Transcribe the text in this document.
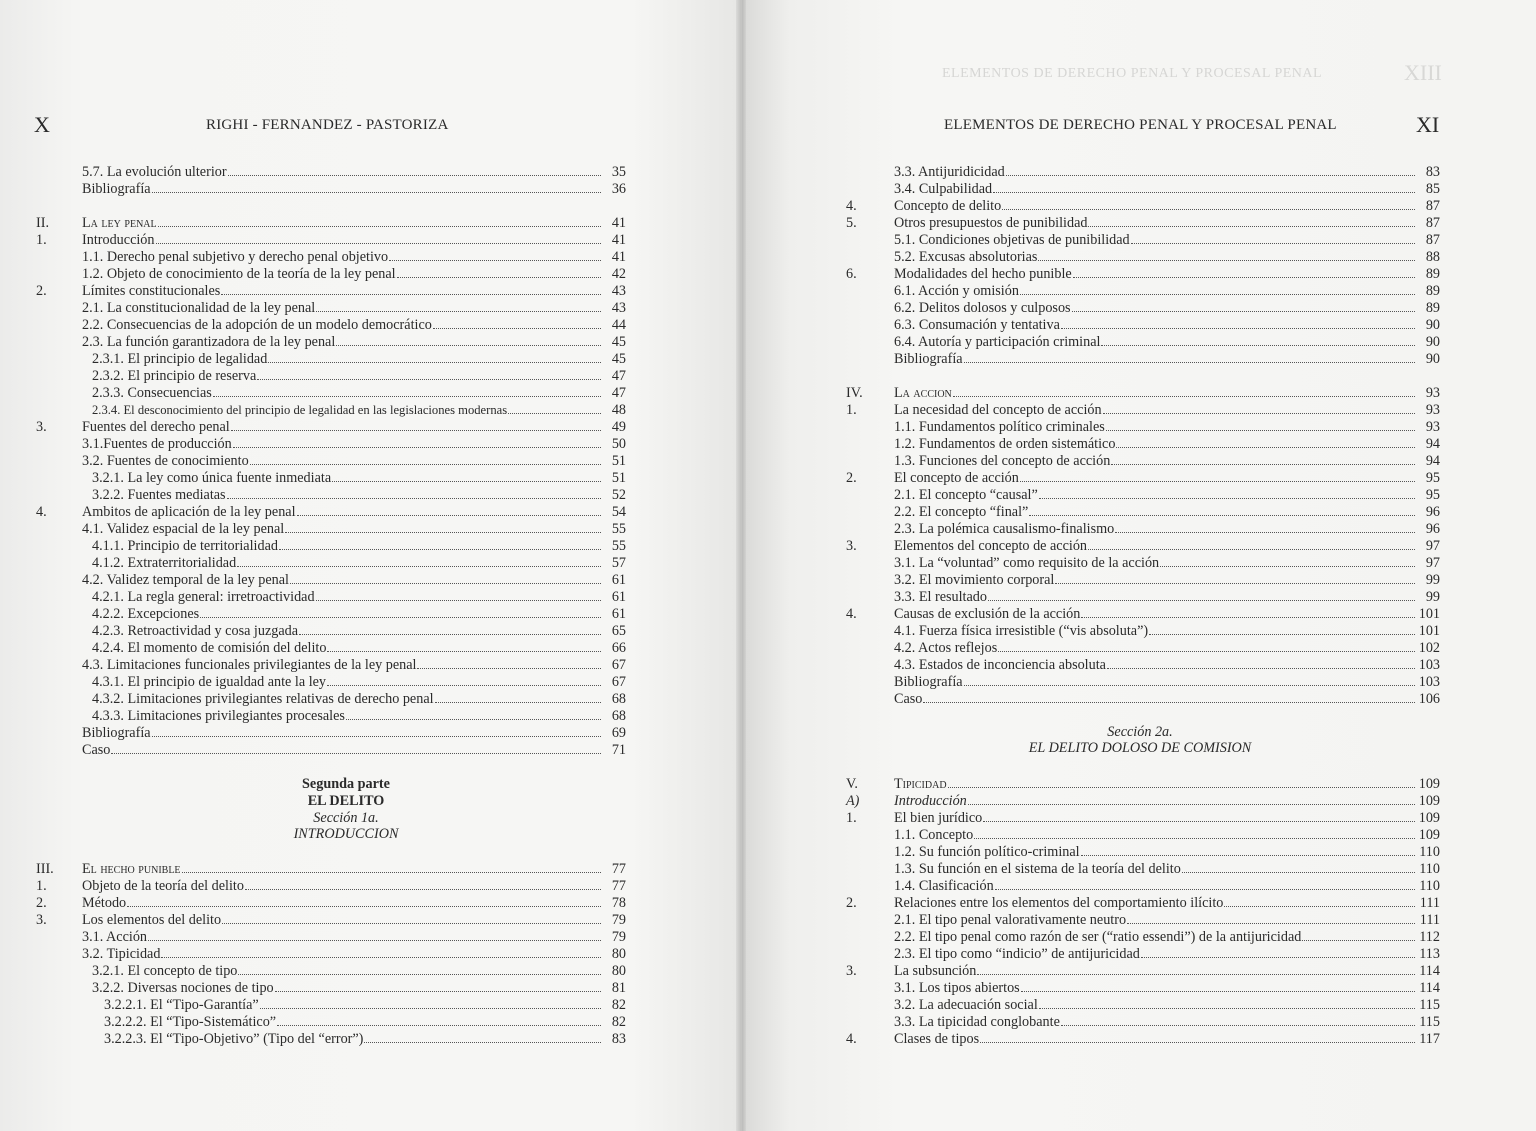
X	RIGHI - FERNANDEZ - PASTORIZA
5.7. La evolución ulterior	35
Bibliografía	36
II. La ley penal	41
1. Introducción	41
1.1. Derecho penal subjetivo y derecho penal objetivo	41
1.2. Objeto de conocimiento de la teoría de la ley penal	42
2. Límites constitucionales	43
2.1. La constitucionalidad de la ley penal	43
2.2. Consecuencias de la adopción de un modelo democrático	44
2.3. La función garantizadora de la ley penal	45
2.3.1. El principio de legalidad	45
2.3.2. El principio de reserva	47
2.3.3. Consecuencias	47
2.3.4. El desconocimiento del principio de legalidad en las legislaciones modernas	48
3. Fuentes del derecho penal	49
3.1.Fuentes de producción	50
3.2. Fuentes de conocimiento	51
3.2.1. La ley como única fuente inmediata	51
3.2.2. Fuentes mediatas	52
4. Ambitos de aplicación de la ley penal	54
4.1. Validez espacial de la ley penal	55
4.1.1. Principio de territorialidad	55
4.1.2. Extraterritorialidad	57
4.2. Validez temporal de la ley penal	61
4.2.1. La regla general: irretroactividad	61
4.2.2. Excepciones	61
4.2.3. Retroactividad y cosa juzgada	65
4.2.4. El momento de comisión del delito	66
4.3. Limitaciones funcionales privilegiantes de la ley penal	67
4.3.1. El principio de igualdad ante la ley	67
4.3.2. Limitaciones privilegiantes relativas de derecho penal	68
4.3.3. Limitaciones privilegiantes procesales	68
Bibliografía	69
Caso	71
III. El hecho punible	77
1. Objeto de la teoría del delito	77
2. Método	78
3. Los elementos del delito	79
3.1. Acción	79
3.2. Tipicidad	80
3.2.1. El concepto de tipo	80
3.2.2. Diversas nociones de tipo	81
3.2.2.1. El “Tipo-Garantía”	82
3.2.2.2. El “Tipo-Sistemático”	82
3.2.2.3. El “Tipo-Objetivo” (Tipo del “error”)	83
Segunda parte
EL DELITO
Sección 1a.
INTRODUCCION
ELEMENTOS DE DERECHO PENAL Y PROCESAL PENAL	XIII
ELEMENTOS DE DERECHO PENAL Y PROCESAL PENAL	XI
3.3. Antijuridicidad	83
3.4. Culpabilidad	85
4.	Concepto de delito	87
5.	Otros presupuestos de punibilidad	87
5.1. Condiciones objetivas de punibilidad	87
5.2. Excusas absolutorias	88
6.	Modalidades del hecho punible	89
6.1. Acción y omisión	89
6.2. Delitos dolosos y culposos	89
6.3. Consumación y tentativa	90
6.4. Autoría y participación criminal	90
Bibliografía	90
IV. La accion	93
1.	La necesidad del concepto de acción	93
1.1. Fundamentos político criminales	93
1.2. Fundamentos de orden sistemático	94
1.3. Funciones del concepto de acción	94
2.	El concepto de acción	95
2.1. El concepto “causal”	95
2.2. El concepto “final”	96
2.3. La polémica causalismo-finalismo	96
3.	Elementos del concepto de acción	97
3.1. La “voluntad” como requisito de la acción	97
3.2. El movimiento corporal	99
3.3. El resultado	99
4.	Causas de exclusión de la acción	101
4.1. Fuerza física irresistible (“vis absoluta”)	101
4.2. Actos reflejos	102
4.3. Estados de inconciencia absoluta	103
Bibliografía	103
Caso	106
V.	Tipicidad	109
A) Introducción	109
1.	El bien jurídico	109
1.1. Concepto	109
1.2. Su función político-criminal	110
1.3. Su función en el sistema de la teoría del delito	110
1.4. Clasificación	110
2.	Relaciones entre los elementos del comportamiento ilícito	111
2.1. El tipo penal valorativamente neutro	111
2.2. El tipo penal como razón de ser (“ratio essendi”) de la antijuricidad	112
2.3. El tipo como “indicio” de antijuricidad	113
3.	La subsunción	114
3.1. Los tipos abiertos	114
3.2. La adecuación social	115
3.3. La tipicidad conglobante	115
4.	Clases de tipos	117
Sección 2a.
EL DELITO DOLOSO DE COMISION
